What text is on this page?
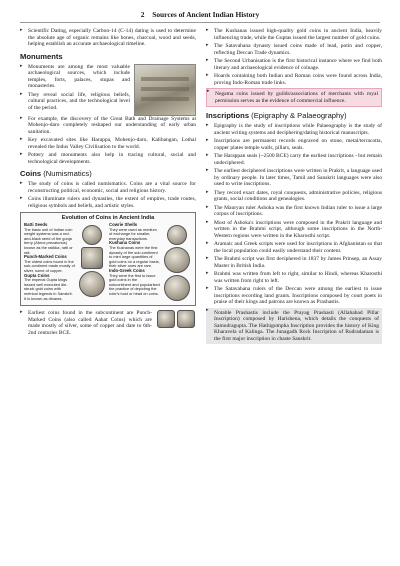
2 Sources of Ancient Indian History
▸ Scientific Dating, especially Carbon-14 (C-14) dating is used to determine the absolute age of organic remains like bones, charcoal, wood and seeds, helping establish an accurate archaeological timeline.
Monuments
▸ Monuments are among the most valuable archaeological sources, which include temples, forts, palaces, stupas and monasteries.
▸ They reveal social life, religious beliefs, cultural practices, and the technological level of the period.
▸ For example, the discovery of the Great Bath and Drainage Systems at Mohenjo-daro completely reshaped our understanding of early urban sanitation.
▸ Key excavated sites like Harappa, Mohenjo-daro, Kalibangan, Lothal revealed the Indus Valley Civilisation to the world.
▸ Pottery and monuments also help in tracing cultural, social and technological developments.
Coins (Numismatics)
▸ The study of coins is called numismatics. Coins are a vital source for reconstructing political, economic, social and religious history.
▸ Coins illuminate rulers and dynasties, the extent of empires, trade routes, religious symbols and beliefs, and artistic styles.
Evolution of Coins in Ancient India
Batti Seeds
The basic unit of Indian coin weight systems was a red-and-black seed of the gunja berry (Abrus precatorius) known as the raktika, ratti or rati.
Punch-Marked Coins
The oldest coins found in the sub-continent made mostly of silver, some of copper.
Gupta Coins
The imperial Gupta kings issued well executed die-struck gold coins with metrical legends in Sanskrit. It is known as dinaras.
Cowrie Shells
They were used as medium of exchange for smaller, everyday transactions.
Kushana Coins
The Kushanas were the first dynasty of the sub-continent to mint large quantities of gold coins on a regular basis, their silver ones are rare.
Indo-Greek Coins
They were the first to issue gold coins in the subcontinent and popularised the practice of depicting the ruler's bust or head on coins.
▸ Earliest coins found in the subcontinent are Punch-Marked Coins (also called Aahat Coins) which are made mostly of silver, some of copper and date to 6th-2nd centuries BCE.
▸ The Kushanas issued high-quality gold coins in ancient India, heavily influencing trade, while the Guptas issued the largest number of gold coins.
▸ The Satavahana dynasty issued coins made of lead, potin and copper, reflecting Deccan Trade dynamics.
▸ The Second Urbanisation is the first historical instance where we find both literary and archaeological evidence of coinage.
▸ Hoards containing both Indian and Roman coins were found across India, proving Indo-Roman trade links.
▸ Negama coins issued by guilds/associations of merchants with royal permission serves as the evidence of commercial influence.
Inscriptions (Epigraphy & Palaeography)
▸ Epigraphy is the study of inscriptions while Palaeography is the study of ancient writing systems and deciphering/dating historical manuscripts.
▸ Inscriptions are permanent records engraved on stone, metal/terracotta, copper plates temple walls, pillars, seals.
▸ The Harappan seals (~2500 BCE) carry the earliest inscriptions - but remain undeciphered.
▸ The earliest deciphered inscriptions were written in Prakrit, a language used by ordinary people. In later times, Tamil and Sanskrit languages were also used to write inscriptions.
▸ They record exact dates, royal conquests, administrative policies, religious grants, social conditions and genealogies.
▸ The Mauryan ruler Ashoka was the first known Indian ruler to issue a large corpus of inscriptions.
▸ Most of Ashoka's inscriptions were composed in the Prakrit language and written in the Brahmi script, although some inscriptions in the North-Western regions were written in the Kharosthi script.
▸ Aramaic and Greek scripts were used for inscriptions in Afghanistan so that the local population could easily understand their content.
▸ The Brahmi script was first deciphered in 1837 by James Prinsep, an Assay Master in British India.
▸ Brahmi was written from left to right, similar to Hindi, whereas Kharosthi was written from right to left.
▸ The Satavahana rulers of the Deccan were among the earliest to issue inscriptions recording land grants. Inscriptions composed by court poets in praise of their kings and patrons are known as Prashastis.
▸ Notable Prashastis include the Prayag Prashasti (Allahabad Pillar Inscription) composed by Harishena, which details the conquests of Samudragupta. The Hathigumpha Inscription provides the history of King Kharavela of Kalinga. The Junagadh Rock Inscription of Rudradaman is the first major inscription in chaste Sanskrit.
